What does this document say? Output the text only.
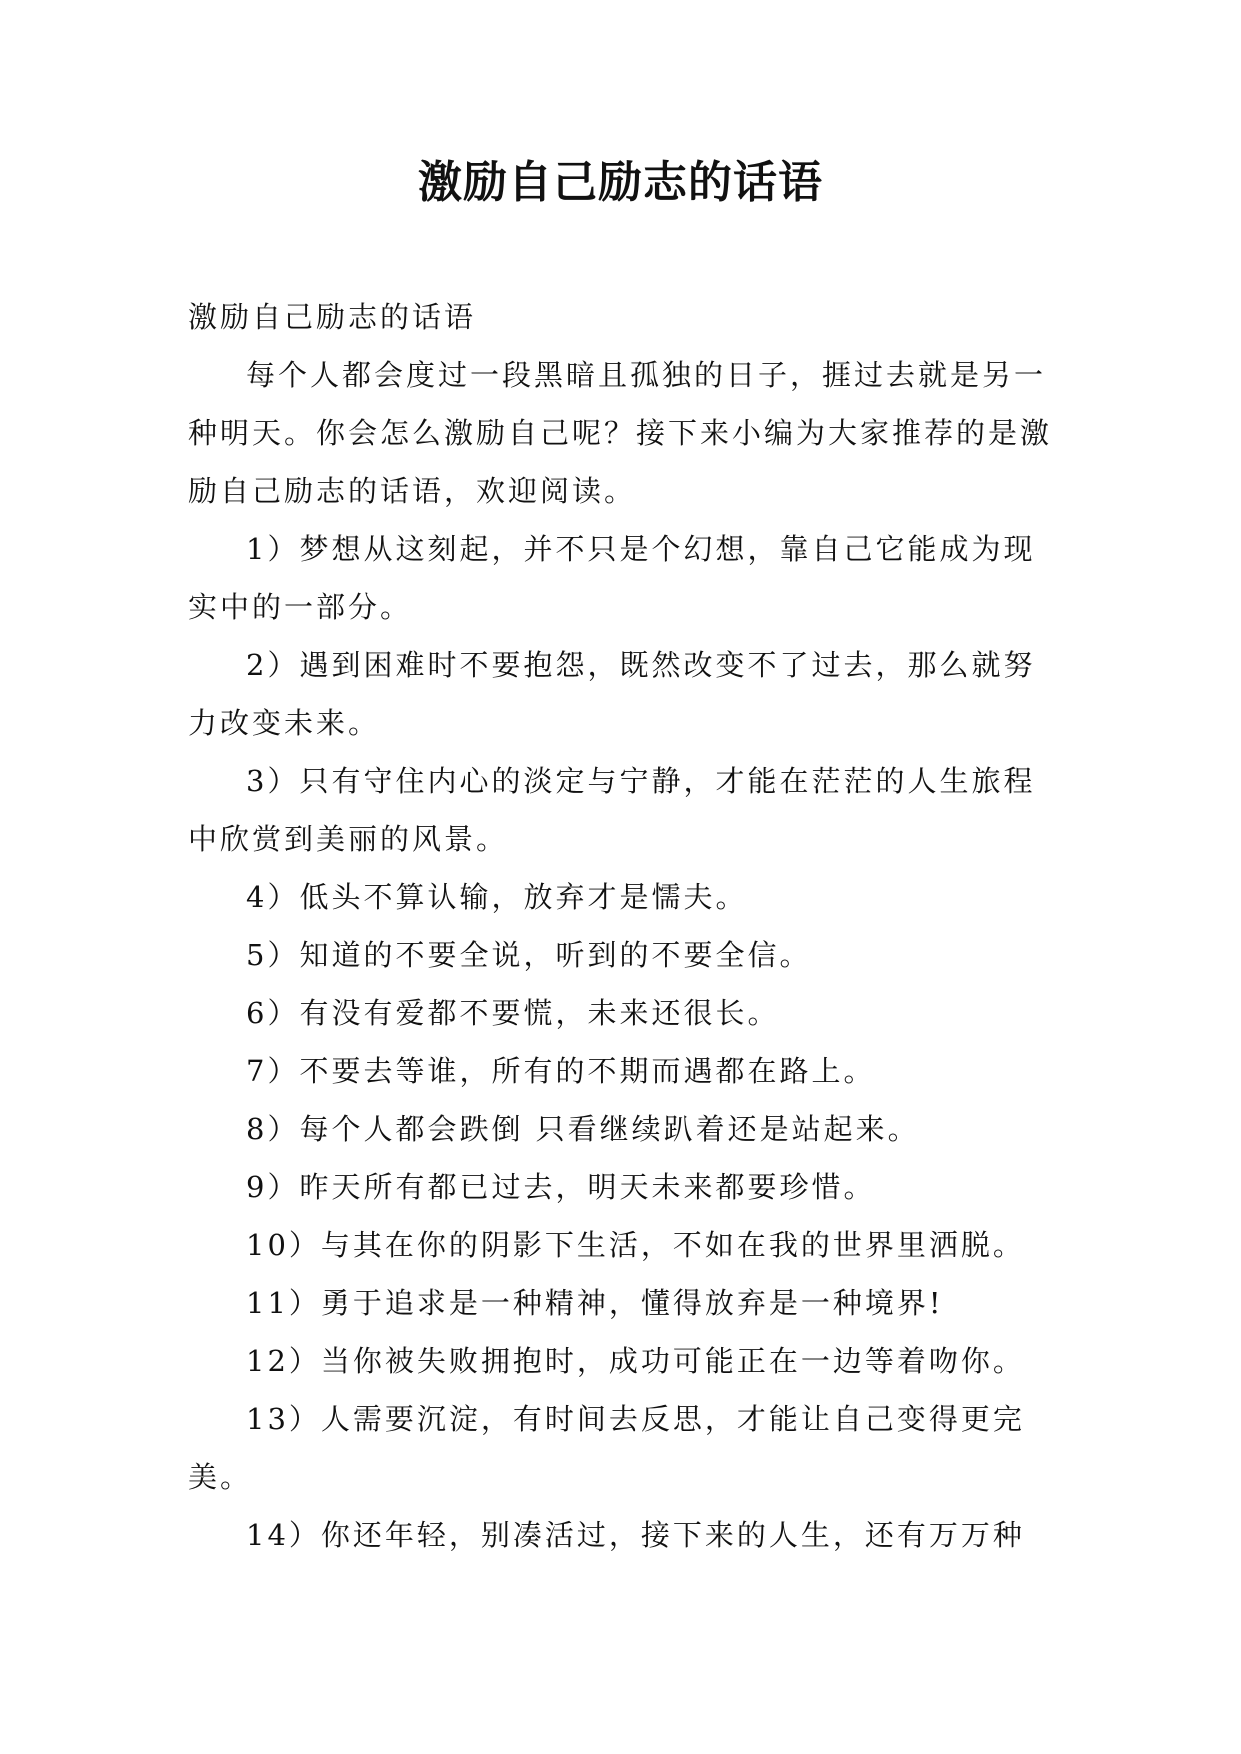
激励自己励志的话语

激励自己励志的话语

每个人都会度过一段黑暗且孤独的日子，捱过去就是另一种明天。你会怎么激励自己呢？接下来小编为大家推荐的是激励自己励志的话语，欢迎阅读。

1）梦想从这刻起，并不只是个幻想，靠自己它能成为现实中的一部分。

2）遇到困难时不要抱怨，既然改变不了过去，那么就努力改变未来。

3）只有守住内心的淡定与宁静，才能在茫茫的人生旅程中欣赏到美丽的风景。

4）低头不算认输，放弃才是懦夫。

5）知道的不要全说，听到的不要全信。

6）有没有爱都不要慌，未来还很长。

7）不要去等谁，所有的不期而遇都在路上。

8）每个人都会跌倒 只看继续趴着还是站起来。

9）昨天所有都已过去，明天未来都要珍惜。

10）与其在你的阴影下生活，不如在我的世界里洒脱。

11）勇于追求是一种精神，懂得放弃是一种境界!

12）当你被失败拥抱时，成功可能正在一边等着吻你。

13）人需要沉淀，有时间去反思，才能让自己变得更完美。

14）你还年轻，别凑活过，接下来的人生，还有万万种
